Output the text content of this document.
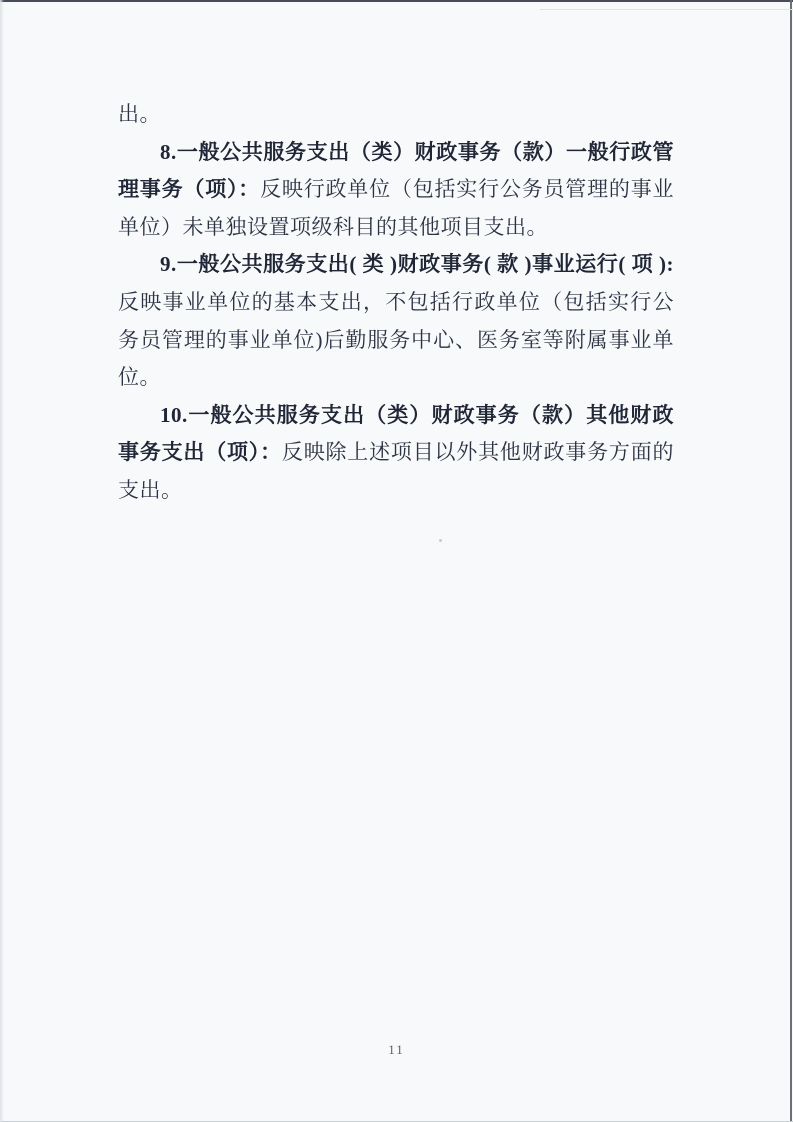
出。

8.一般公共服务支出（类）财政事务（款）一般行政管理事务（项）：反映行政单位（包括实行公务员管理的事业单位）未单独设置项级科目的其他项目支出。

9.一般公共服务支出( 类 )财政事务( 款 )事业运行( 项 ):反映事业单位的基本支出，不包括行政单位（包括实行公务员管理的事业单位)后勤服务中心、医务室等附属事业单位。

10.一般公共服务支出（类）财政事务（款）其他财政事务支出（项）：反映除上述项目以外其他财政事务方面的支出。

11
